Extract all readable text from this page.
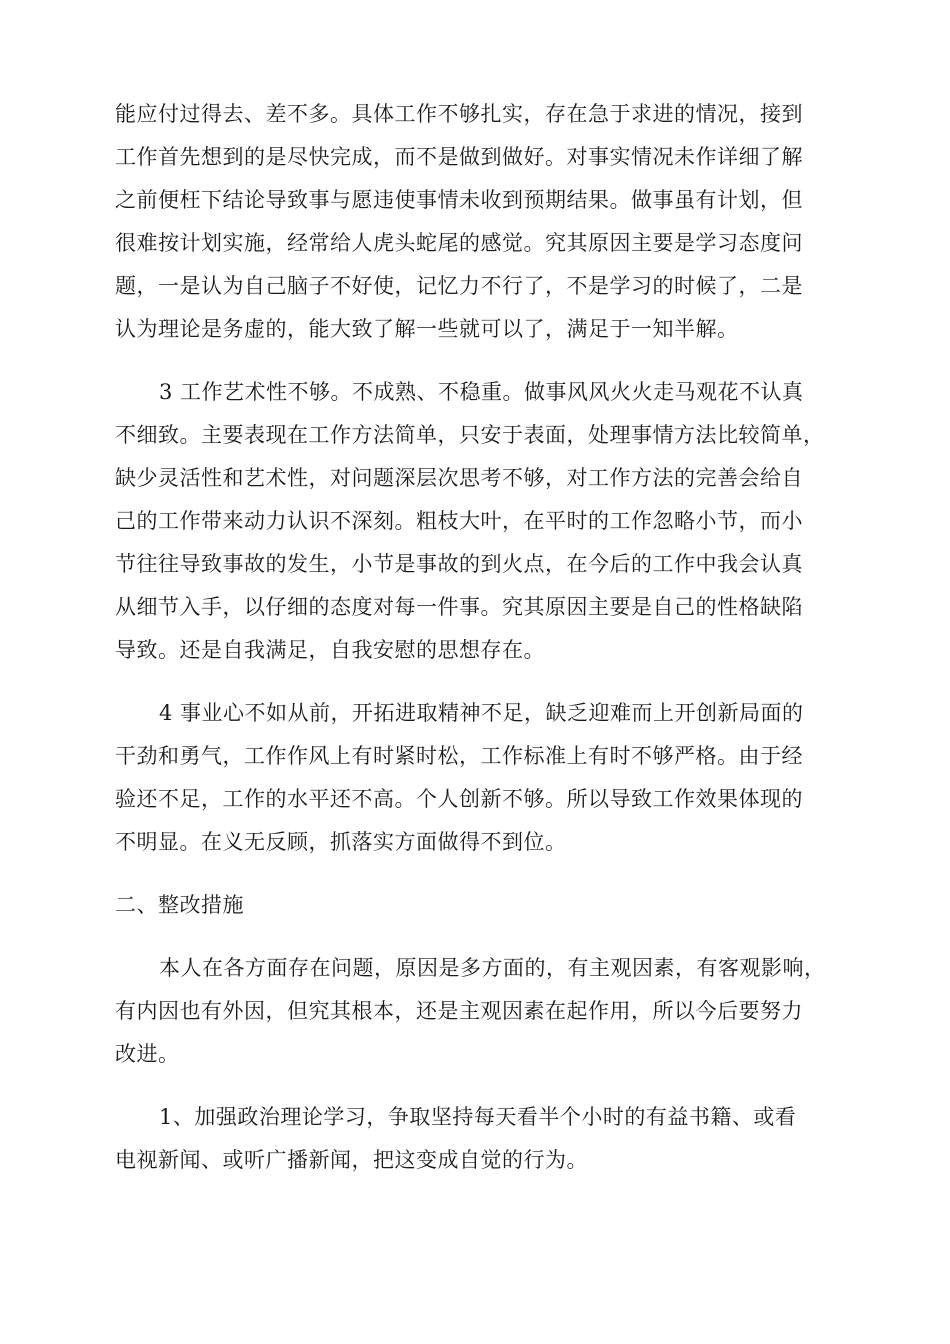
能应付过得去、差不多。具体工作不够扎实，存在急于求进的情况，接到
工作首先想到的是尽快完成，而不是做到做好。对事实情况未作详细了解
之前便枉下结论导致事与愿违使事情未收到预期结果。做事虽有计划，但
很难按计划实施，经常给人虎头蛇尾的感觉。究其原因主要是学习态度问
题，一是认为自己脑子不好使，记忆力不行了，不是学习的时候了，二是
认为理论是务虚的，能大致了解一些就可以了，满足于一知半解。

3 工作艺术性不够。不成熟、不稳重。做事风风火火走马观花不认真
不细致。主要表现在工作方法简单，只安于表面，处理事情方法比较简单，
缺少灵活性和艺术性，对问题深层次思考不够，对工作方法的完善会给自
己的工作带来动力认识不深刻。粗枝大叶，在平时的工作忽略小节，而小
节往往导致事故的发生，小节是事故的到火点，在今后的工作中我会认真
从细节入手，以仔细的态度对每一件事。究其原因主要是自己的性格缺陷
导致。还是自我满足，自我安慰的思想存在。

4 事业心不如从前，开拓进取精神不足，缺乏迎难而上开创新局面的
干劲和勇气，工作作风上有时紧时松，工作标准上有时不够严格。由于经
验还不足，工作的水平还不高。个人创新不够。所以导致工作效果体现的
不明显。在义无反顾，抓落实方面做得不到位。

二、整改措施

本人在各方面存在问题，原因是多方面的，有主观因素，有客观影响，
有内因也有外因，但究其根本，还是主观因素在起作用，所以今后要努力
改进。

1、加强政治理论学习，争取坚持每天看半个小时的有益书籍、或看
电视新闻、或听广播新闻，把这变成自觉的行为。
